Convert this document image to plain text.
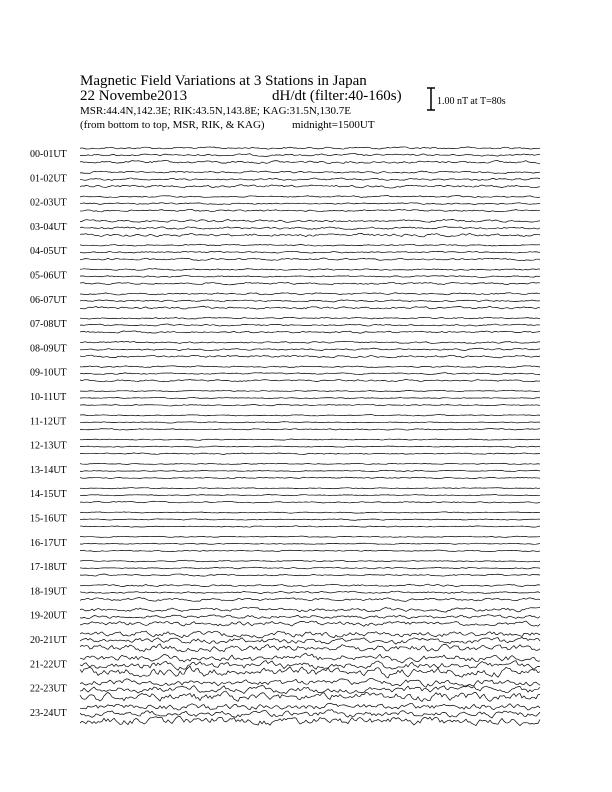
Magnetic Field Variations at 3 Stations in Japan
22 Novembe2013	dH/dt (filter:40-160s)
MSR:44.4N,142.3E; RIK:43.5N,143.8E; KAG:31.5N,130.7E
(from bottom to top, MSR, RIK, & KAG) midnight=1500UT
1.00 nT at T=80s
00-01UT
01-02UT
02-03UT
03-04UT
04-05UT
05-06UT
06-07UT
07-08UT
08-09UT
09-10UT
10-11UT
11-12UT
12-13UT
13-14UT
14-15UT
15-16UT
16-17UT
17-18UT
18-19UT
19-20UT
20-21UT
21-22UT
22-23UT
23-24UT
